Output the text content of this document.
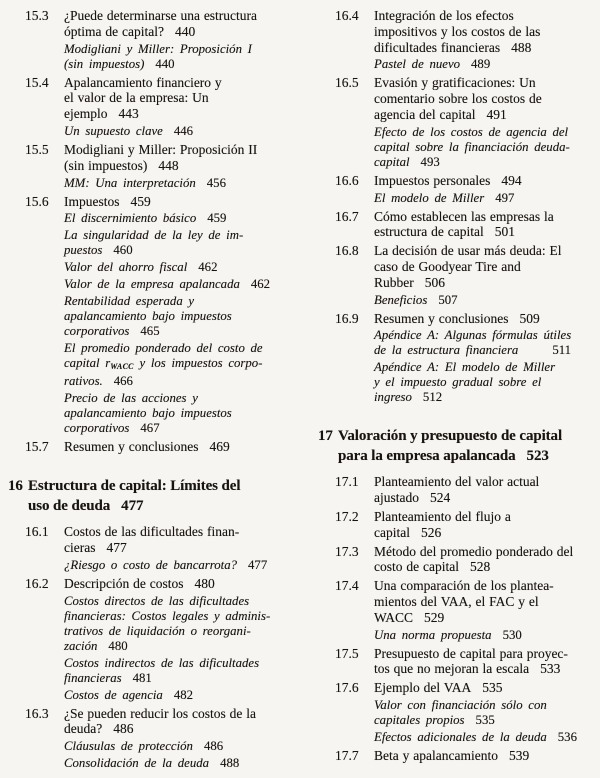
15.3 ¿Puede determinarse una estructura
óptima de capital? 440
Modigliani y Miller: Proposición I
(sin impuestos) 440
15.4 Apalancamiento financiero y
el valor de la empresa: Un
ejemplo 443
Un supuesto clave 446
15.5 Modigliani y Miller: Proposición II
(sin impuestos) 448
MM: Una interpretación 456
15.6 Impuestos 459
El discernimiento básico 459
La singularidad de la ley de im-
puestos 460
Valor del ahorro fiscal 462
Valor de la empresa apalancada 462
Rentabilidad esperada y
apalancamiento bajo impuestos
corporativos 465
El promedio ponderado del costo de
capital $r_{WACC}$ y los impuestos corpo-
rativos. 466
Precio de las acciones y
apalancamiento bajo impuestos
corporativos 467
15.7 Resumen y conclusiones 469
16 Estructura de capital: Límites del
uso de deuda 477
16.1 Costos de las dificultades finan-
cieras 477
¿Riesgo o costo de bancarrota? 477
16.2 Descripción de costos 480
Costos directos de las dificultades
financieras: Costos legales y adminis-
trativos de liquidación o reorgani-
zación 480
Costos indirectos de las dificultades
financieras 481
Costos de agencia 482
16.3 ¿Se pueden reducir los costos de la
deuda? 486
Cláusulas de protección 486
Consolidación de la deuda 488
16.4 Integración de los efectos
impositivos y los costos de las
dificultades financieras 488
Pastel de nuevo 489
16.5 Evasión y gratificaciones: Un
comentario sobre los costos de
agencia del capital 491
Efecto de los costos de agencia del
capital sobre la financiación deuda-
capital 493
16.6 Impuestos personales 494
El modelo de Miller 497
16.7 Cómo establecen las empresas la
estructura de capital 501
16.8 La decisión de usar más deuda: El
caso de Goodyear Tire and
Rubber 506
Beneficios 507
16.9 Resumen y conclusiones 509
Apéndice A: Algunas fórmulas útiles
de la estructura financiera	511
Apéndice A: El modelo de Miller
y el impuesto gradual sobre el
ingreso 512
17 Valoración y presupuesto de capital
para la empresa apalancada 523
17.1 Planteamiento del valor actual
ajustado 524
17.2 Planteamiento del flujo a
capital 526
17.3 Método del promedio ponderado del
costo de capital 528
17.4 Una comparación de los plantea-
mientos del VAA, el FAC y el
WACC 529
Una norma propuesta 530
17.5 Presupuesto de capital para proyec-
tos que no mejoran la escala 533
17.6 Ejemplo del VAA 535
Valor con financiación sólo con
capitales propios 535
Efectos adicionales de la deuda 536
17.7 Beta y apalancamiento 539
